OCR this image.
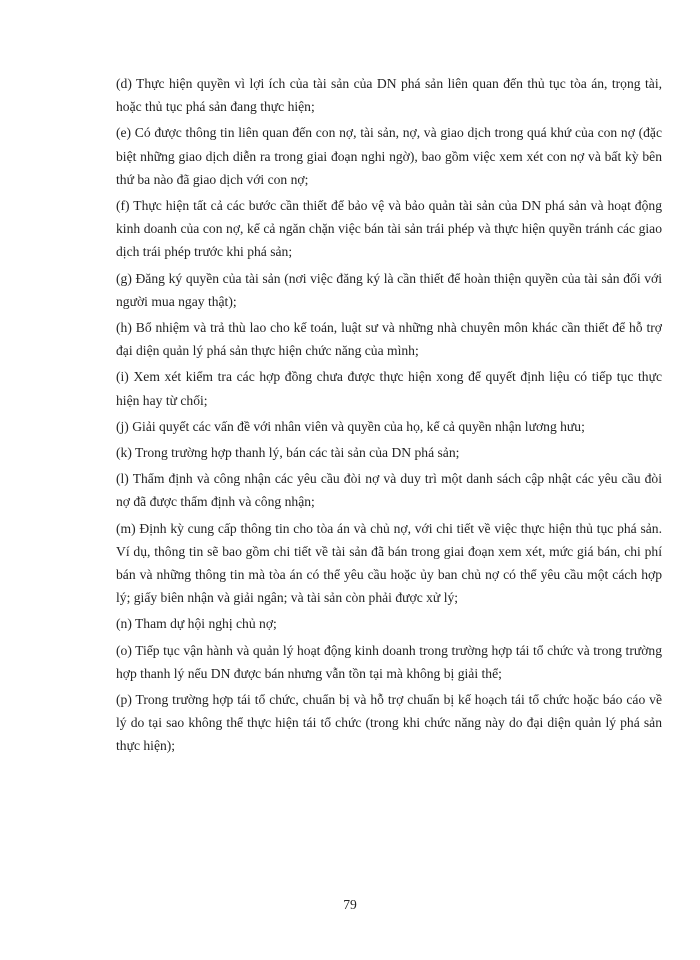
(d) Thực hiện quyền vì lợi ích của tài sản của DN phá sản liên quan đến thủ tục tòa án, trọng tài, hoặc thủ tục phá sản đang thực hiện;

(e) Có được thông tin liên quan đến con nợ, tài sản, nợ, và giao dịch trong quá khứ của con nợ (đặc biệt những giao dịch diễn ra trong giai đoạn nghi ngờ), bao gồm việc xem xét con nợ và bất kỳ bên thứ ba nào đã giao dịch với con nợ;

(f) Thực hiện tất cả các bước cần thiết để bảo vệ và bảo quản tài sản của DN phá sản và hoạt động kinh doanh của con nợ, kể cả ngăn chặn việc bán tài sản trái phép và thực hiện quyền tránh các giao dịch trái phép trước khi phá sản;

(g) Đăng ký quyền của tài sản (nơi việc đăng ký là cần thiết để hoàn thiện quyền của tài sản đối với người mua ngay thật);

(h) Bổ nhiệm và trả thù lao cho kế toán, luật sư và những nhà chuyên môn khác cần thiết để hỗ trợ đại diện quản lý phá sản thực hiện chức năng của mình;

(i) Xem xét kiểm tra các hợp đồng chưa được thực hiện xong để quyết định liệu có tiếp tục thực hiện hay từ chối;

(j) Giải quyết các vấn đề với nhân viên và quyền của họ, kể cả quyền nhận lương hưu;

(k) Trong trường hợp thanh lý, bán các tài sản của DN phá sản;

(l) Thẩm định và công nhận các yêu cầu đòi nợ và duy trì một danh sách cập nhật các yêu cầu đòi nợ đã được thẩm định và công nhận;

(m) Định kỳ cung cấp thông tin cho tòa án và chủ nợ, với chi tiết về việc thực hiện thủ tục phá sản. Ví dụ, thông tin sẽ bao gồm chi tiết về tài sản đã bán trong giai đoạn xem xét, mức giá bán, chi phí bán và những thông tin mà tòa án có thể yêu cầu hoặc ủy ban chủ nợ có thể yêu cầu một cách hợp lý; giấy biên nhận và giải ngân; và tài sản còn phải được xử lý;

(n) Tham dự hội nghị chủ nợ;

(o) Tiếp tục vận hành và quản lý hoạt động kinh doanh trong trường hợp tái tổ chức và trong trường hợp thanh lý nếu DN được bán nhưng vẫn tồn tại mà không bị giải thể;

(p) Trong trường hợp tái tổ chức, chuẩn bị và hỗ trợ chuẩn bị kế hoạch tái tổ chức hoặc báo cáo về lý do tại sao không thể thực hiện tái tổ chức (trong khi chức năng này do đại diện quản lý phá sản thực hiện);

79
